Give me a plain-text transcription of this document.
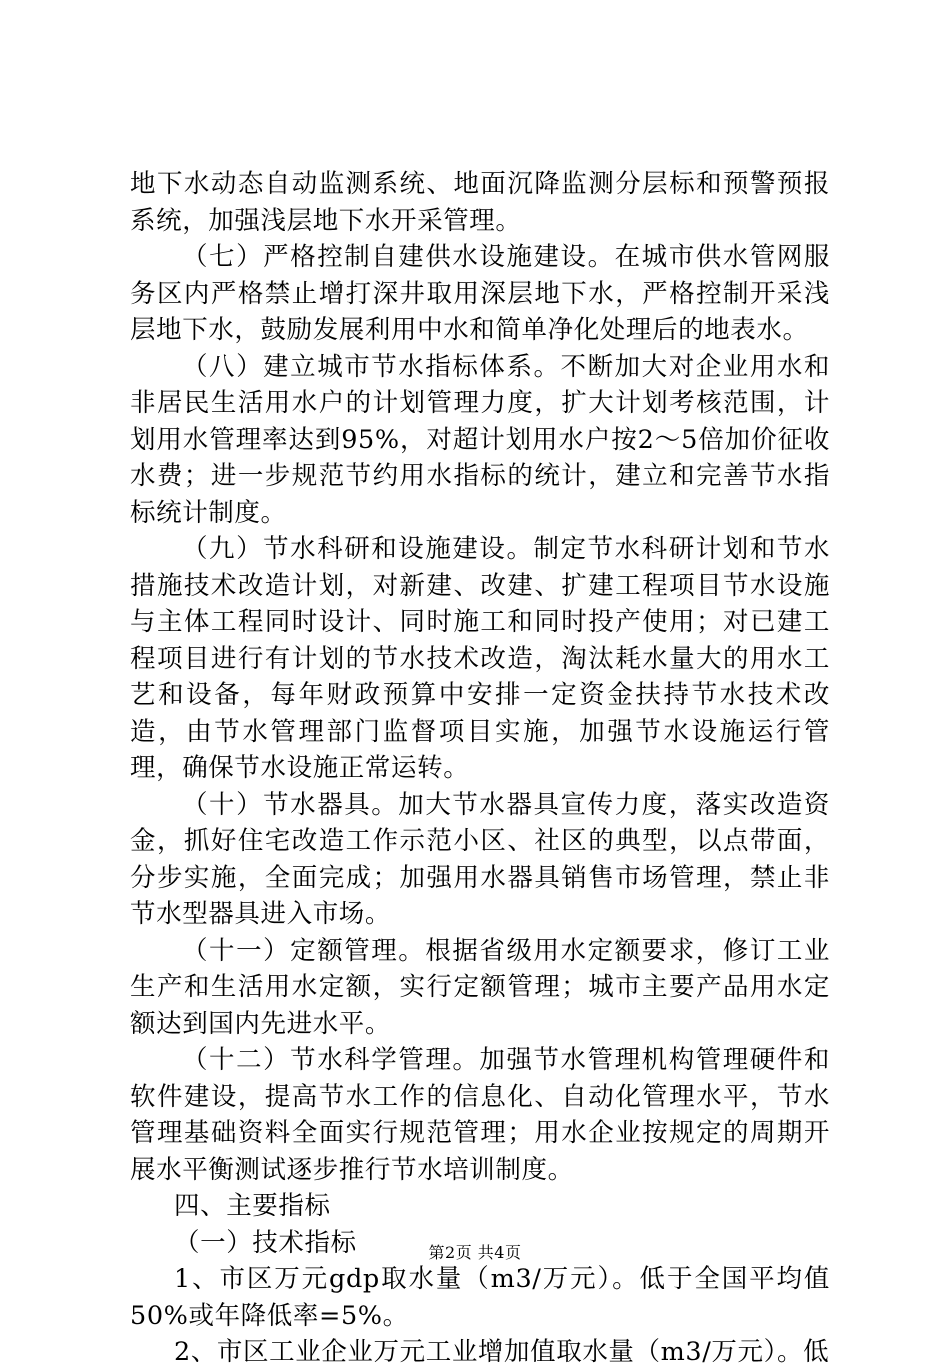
地下水动态自动监测系统、地面沉降监测分层标和预警预报系统，加强浅层地下水开采管理。

（七）严格控制自建供水设施建设。在城市供水管网服务区内严格禁止增打深井取用深层地下水，严格控制开采浅层地下水，鼓励发展利用中水和简单净化处理后的地表水。

（八）建立城市节水指标体系。不断加大对企业用水和非居民生活用水户的计划管理力度，扩大计划考核范围，计划用水管理率达到95%，对超计划用水户按2～5倍加价征收水费；进一步规范节约用水指标的统计，建立和完善节水指标统计制度。

（九）节水科研和设施建设。制定节水科研计划和节水措施技术改造计划，对新建、改建、扩建工程项目节水设施与主体工程同时设计、同时施工和同时投产使用；对已建工程项目进行有计划的节水技术改造，淘汰耗水量大的用水工艺和设备，每年财政预算中安排一定资金扶持节水技术改造，由节水管理部门监督项目实施，加强节水设施运行管理，确保节水设施正常运转。

（十）节水器具。加大节水器具宣传力度，落实改造资金，抓好住宅改造工作示范小区、社区的典型，以点带面，分步实施，全面完成；加强用水器具销售市场管理，禁止非节水型器具进入市场。

（十一）定额管理。根据省级用水定额要求，修订工业生产和生活用水定额，实行定额管理；城市主要产品用水定额达到国内先进水平。

（十二）节水科学管理。加强节水管理机构管理硬件和软件建设，提高节水工作的信息化、自动化管理水平，节水管理基础资料全面实行规范管理；用水企业按规定的周期开展水平衡测试逐步推行节水培训制度。

四、主要指标

（一）技术指标

1、市区万元gdp取水量（m3/万元）。低于全国平均值50%或年降低率=5%。

2、市区工业企业万元工业增加值取水量（m3/万元）。低

第2页 共4页
